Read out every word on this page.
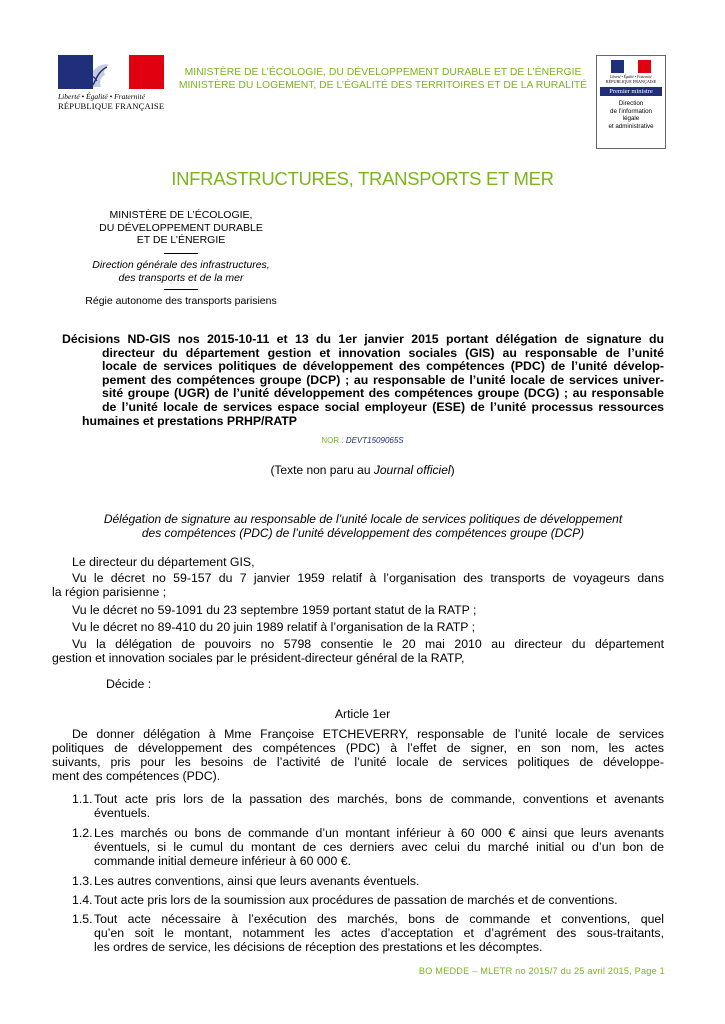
Liberté • Égalité • Fraternité
RÉPUBLIQUE FRANÇAISE
MINISTÈRE DE L’ÉCOLOGIE, DU DÉVELOPPEMENT DURABLE ET DE L’ÉNERGIE
MINISTÈRE DU LOGEMENT, DE L’ÉGALITÉ DES TERRITOIRES ET DE LA RURALITÉ
Liberté • Égalité • Fraternité
RÉPUBLIQUE FRANÇAISE
Premier ministre
Direction
de l’information
légale
et administrative
INFRASTRUCTURES, TRANSPORTS ET MER
MINISTÈRE DE L’ÉCOLOGIE,
DU DÉVELOPPEMENT DURABLE
ET DE L’ÉNERGIE
Direction générale des infrastructures,
des transports et de la mer
Régie autonome des transports parisiens
Décisions ND-GIS nos 2015-10-11 et 13 du 1er janvier 2015 portant délégation de signature du
directeur du département gestion et innovation sociales (GIS) au responsable de l’unité
locale de services politiques de développement des compétences (PDC) de l’unité dévelop-
pement des compétences groupe (DCP) ; au responsable de l’unité locale de services univer-
sité groupe (UGR) de l’unité développement des compétences groupe (DCG) ; au responsable
de l’unité locale de services espace social employeur (ESE) de l’unité processus ressources
humaines et prestations PRHP/RATP
NOR : DEVT1509065S
(Texte non paru au Journal officiel)
Délégation de signature au responsable de l’unité locale de services politiques de développement
des compétences (PDC) de l’unité développement des compétences groupe (DCP)
Le directeur du département GIS,
Vu le décret no 59-157 du 7 janvier 1959 relatif à l’organisation des transports de voyageurs dans
la région parisienne ;
Vu le décret no 59-1091 du 23 septembre 1959 portant statut de la RATP ;
Vu le décret no 89-410 du 20 juin 1989 relatif à l’organisation de la RATP ;
Vu la délégation de pouvoirs no 5798 consentie le 20 mai 2010 au directeur du département
gestion et innovation sociales par le président-directeur général de la RATP,
Décide :
Article 1er
De donner délégation à Mme Françoise ETCHEVERRY, responsable de l’unité locale de services
politiques de développement des compétences (PDC) à l’effet de signer, en son nom, les actes
suivants, pris pour les besoins de l’activité de l’unité locale de services politiques de développe-
ment des compétences (PDC).
1.1. Tout acte pris lors de la passation des marchés, bons de commande, conventions et avenants
éventuels.
1.2. Les marchés ou bons de commande d’un montant inférieur à 60 000 € ainsi que leurs avenants
éventuels, si le cumul du montant de ces derniers avec celui du marché initial ou d’un bon de
commande initial demeure inférieur à 60 000 €.
1.3. Les autres conventions, ainsi que leurs avenants éventuels.
1.4. Tout acte pris lors de la soumission aux procédures de passation de marchés et de conventions.
1.5. Tout acte nécessaire à l’exécution des marchés, bons de commande et conventions, quel
qu’en soit le montant, notamment les actes d’acceptation et d’agrément des sous-traitants,
les ordres de service, les décisions de réception des prestations et les décomptes.
BO MEDDE – MLETR no 2015/7 du 25 avril 2015, Page 1
